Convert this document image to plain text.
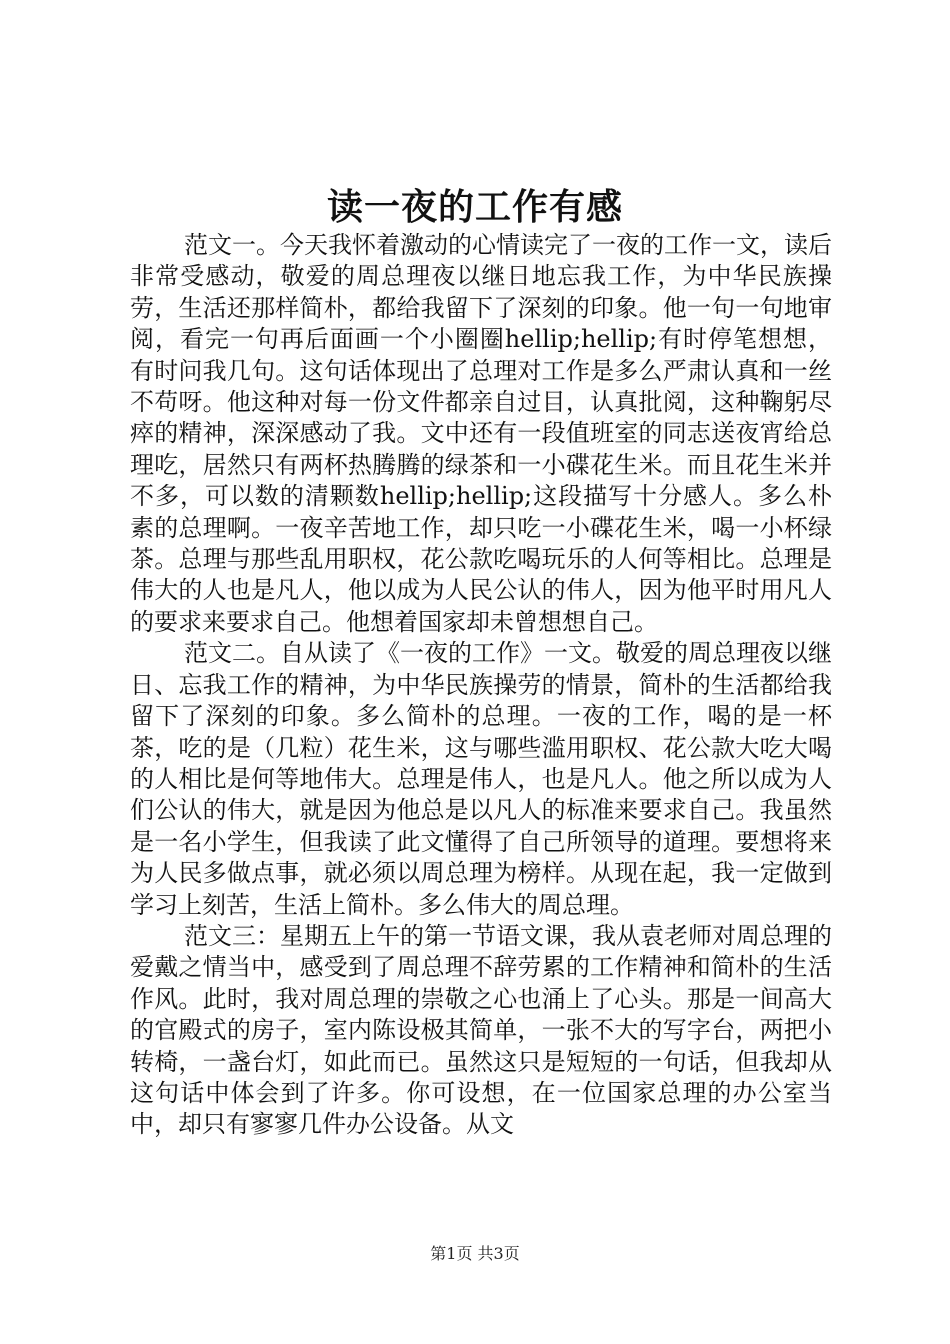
读一夜的工作有感

范文一。今天我怀着激动的心情读完了一夜的工作一文，读后非常受感动，敬爱的周总理夜以继日地忘我工作，为中华民族操劳，生活还那样简朴，都给我留下了深刻的印象。他一句一句地审阅，看完一句再后面画一个小圈圈hellip;hellip;有时停笔想想，有时问我几句。这句话体现出了总理对工作是多么严肃认真和一丝不苟呀。他这种对每一份文件都亲自过目，认真批阅，这种鞠躬尽瘁的精神，深深感动了我。文中还有一段值班室的同志送夜宵给总理吃，居然只有两杯热腾腾的绿茶和一小碟花生米。而且花生米并不多，可以数的清颗数hellip;hellip;这段描写十分感人。多么朴素的总理啊。一夜辛苦地工作，却只吃一小碟花生米，喝一小杯绿茶。总理与那些乱用职权，花公款吃喝玩乐的人何等相比。总理是伟大的人也是凡人，他以成为人民公认的伟人，因为他平时用凡人的要求来要求自己。他想着国家却未曾想想自己。

范文二。自从读了《一夜的工作》一文。敬爱的周总理夜以继日、忘我工作的精神，为中华民族操劳的情景，简朴的生活都给我留下了深刻的印象。多么简朴的总理。一夜的工作，喝的是一杯茶，吃的是（几粒）花生米，这与哪些滥用职权、花公款大吃大喝的人相比是何等地伟大。总理是伟人，也是凡人。他之所以成为人们公认的伟大，就是因为他总是以凡人的标准来要求自己。我虽然是一名小学生，但我读了此文懂得了自己所领导的道理。要想将来为人民多做点事，就必须以周总理为榜样。从现在起，我一定做到学习上刻苦，生活上简朴。多么伟大的周总理。

范文三：星期五上午的第一节语文课，我从袁老师对周总理的爱戴之情当中，感受到了周总理不辞劳累的工作精神和简朴的生活作风。此时，我对周总理的崇敬之心也涌上了心头。那是一间高大的官殿式的房子，室内陈设极其简单，一张不大的写字台，两把小转椅，一盏台灯，如此而已。虽然这只是短短的一句话，但我却从这句话中体会到了许多。你可设想，在一位国家总理的办公室当中，却只有寥寥几件办公设备。从文

第1页 共3页
